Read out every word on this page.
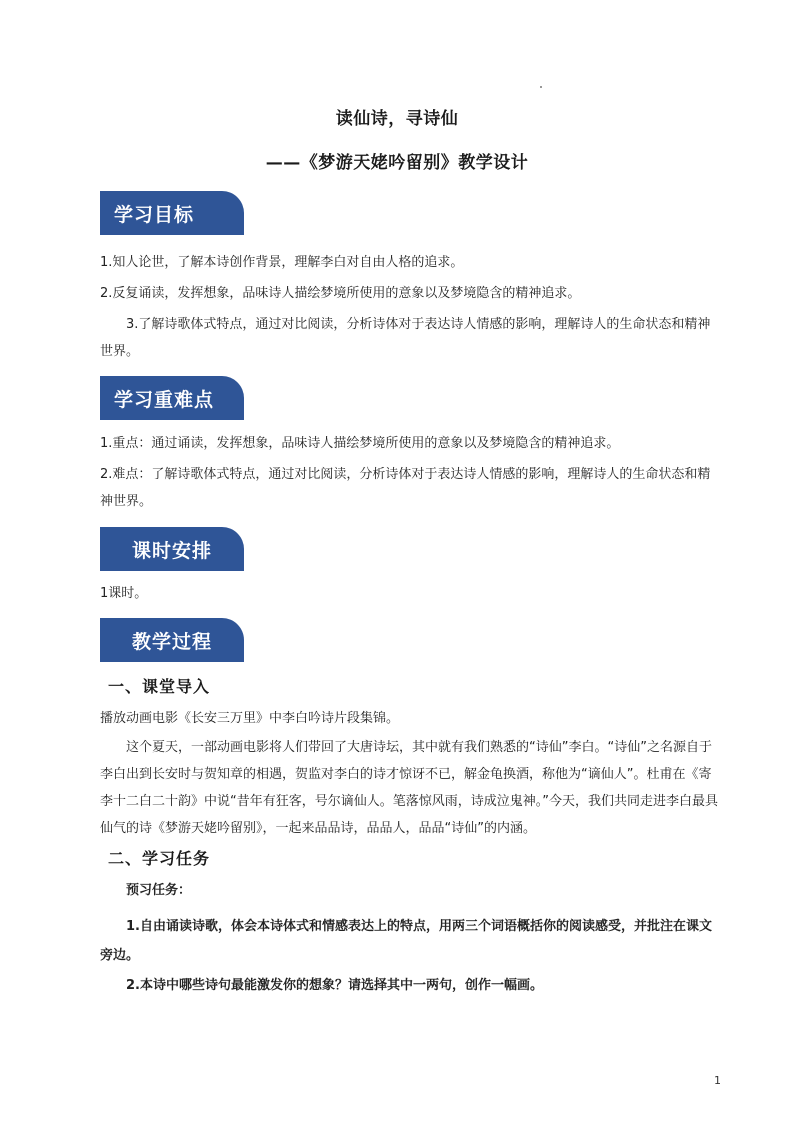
读仙诗，寻诗仙
——《梦游天姥吟留别》教学设计
学习目标
1.知人论世，了解本诗创作背景，理解李白对自由人格的追求。
2.反复诵读，发挥想象，品味诗人描绘梦境所使用的意象以及梦境隐含的精神追求。
3.了解诗歌体式特点，通过对比阅读，分析诗体对于表达诗人情感的影响，理解诗人的生命状态和精神世界。
学习重难点
1.重点：通过诵读，发挥想象，品味诗人描绘梦境所使用的意象以及梦境隐含的精神追求。
2.难点：了解诗歌体式特点，通过对比阅读，分析诗体对于表达诗人情感的影响，理解诗人的生命状态和精神世界。
课时安排
1课时。
教学过程
一、课堂导入
播放动画电影《长安三万里》中李白吟诗片段集锦。
这个夏天，一部动画电影将人们带回了大唐诗坛，其中就有我们熟悉的“诗仙”李白。“诗仙”之名源自于李白出到长安时与贺知章的相遇，贺监对李白的诗才惊讶不已，解金龟换酒，称他为“谪仙人”。杜甫在《寄李十二白二十韵》中说“昔年有狂客，号尔谪仙人。笔落惊风雨，诗成泣鬼神。”今天，我们共同走进李白最具仙气的诗《梦游天姥吟留别》，一起来品品诗，品品人，品品“诗仙”的内涵。
二、学习任务
预习任务：
1.自由诵读诗歌，体会本诗体式和情感表达上的特点，用两三个词语概括你的阅读感受，并批注在课文旁边。
2.本诗中哪些诗句最能激发你的想象？请选择其中一两句，创作一幅画。
1
